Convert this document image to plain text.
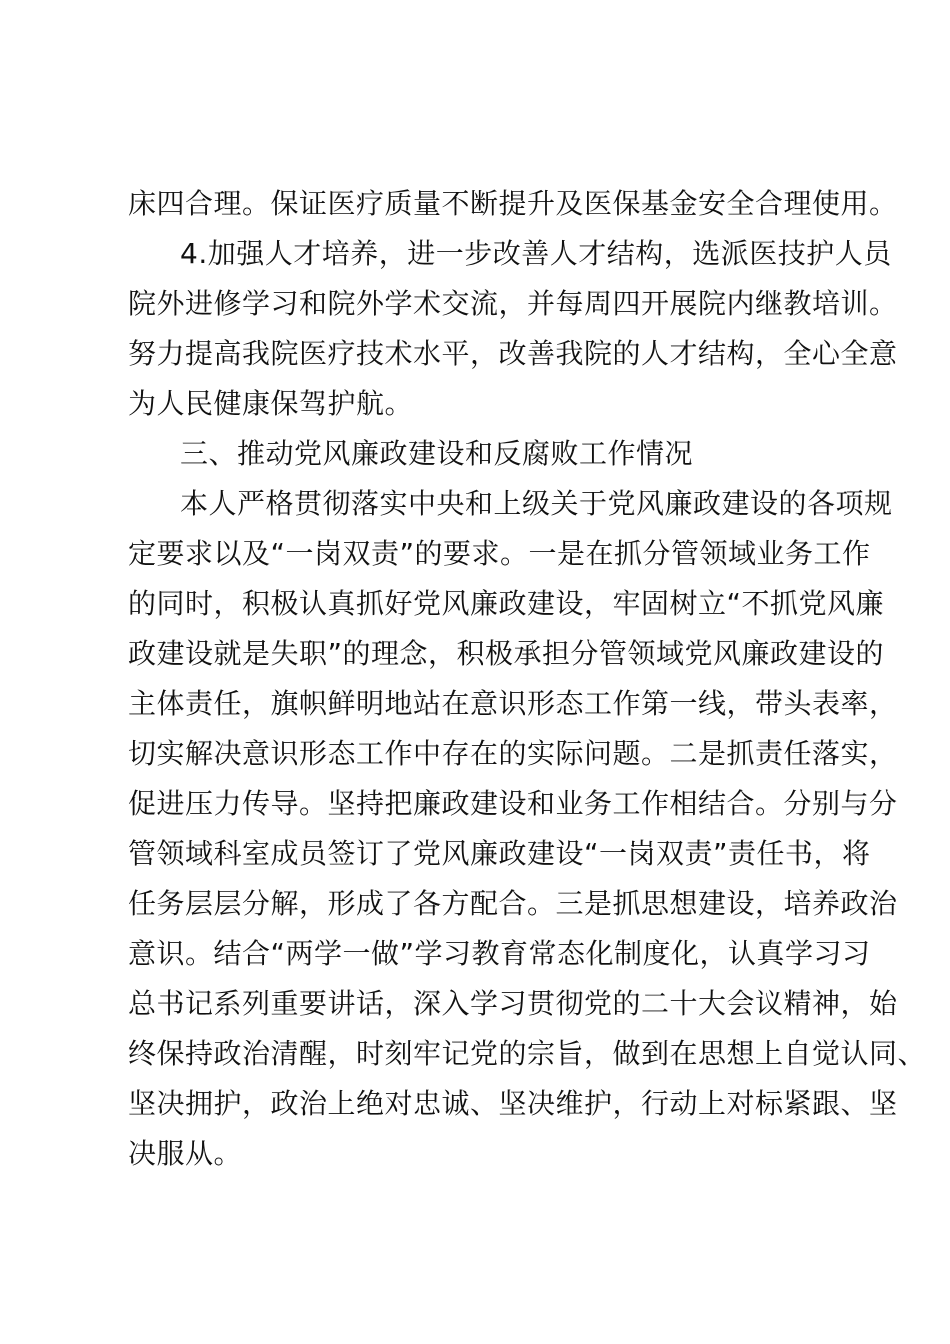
床四合理。保证医疗质量不断提升及医保基金安全合理使用。
4.加强人才培养，进一步改善人才结构，选派医技护人员
院外进修学习和院外学术交流，并每周四开展院内继教培训。
努力提高我院医疗技术水平，改善我院的人才结构，全心全意
为人民健康保驾护航。
三、推动党风廉政建设和反腐败工作情况
本人严格贯彻落实中央和上级关于党风廉政建设的各项规
定要求以及“一岗双责”的要求。一是在抓分管领域业务工作
的同时，积极认真抓好党风廉政建设，牢固树立“不抓党风廉
政建设就是失职”的理念，积极承担分管领域党风廉政建设的
主体责任，旗帜鲜明地站在意识形态工作第一线，带头表率，
切实解决意识形态工作中存在的实际问题。二是抓责任落实，
促进压力传导。坚持把廉政建设和业务工作相结合。分别与分
管领域科室成员签订了党风廉政建设“一岗双责”责任书，将
任务层层分解，形成了各方配合。三是抓思想建设，培养政治
意识。结合“两学一做”学习教育常态化制度化，认真学习习
总书记系列重要讲话，深入学习贯彻党的二十大会议精神，始
终保持政治清醒，时刻牢记党的宗旨，做到在思想上自觉认同、
坚决拥护，政治上绝对忠诚、坚决维护，行动上对标紧跟、坚
决服从。
